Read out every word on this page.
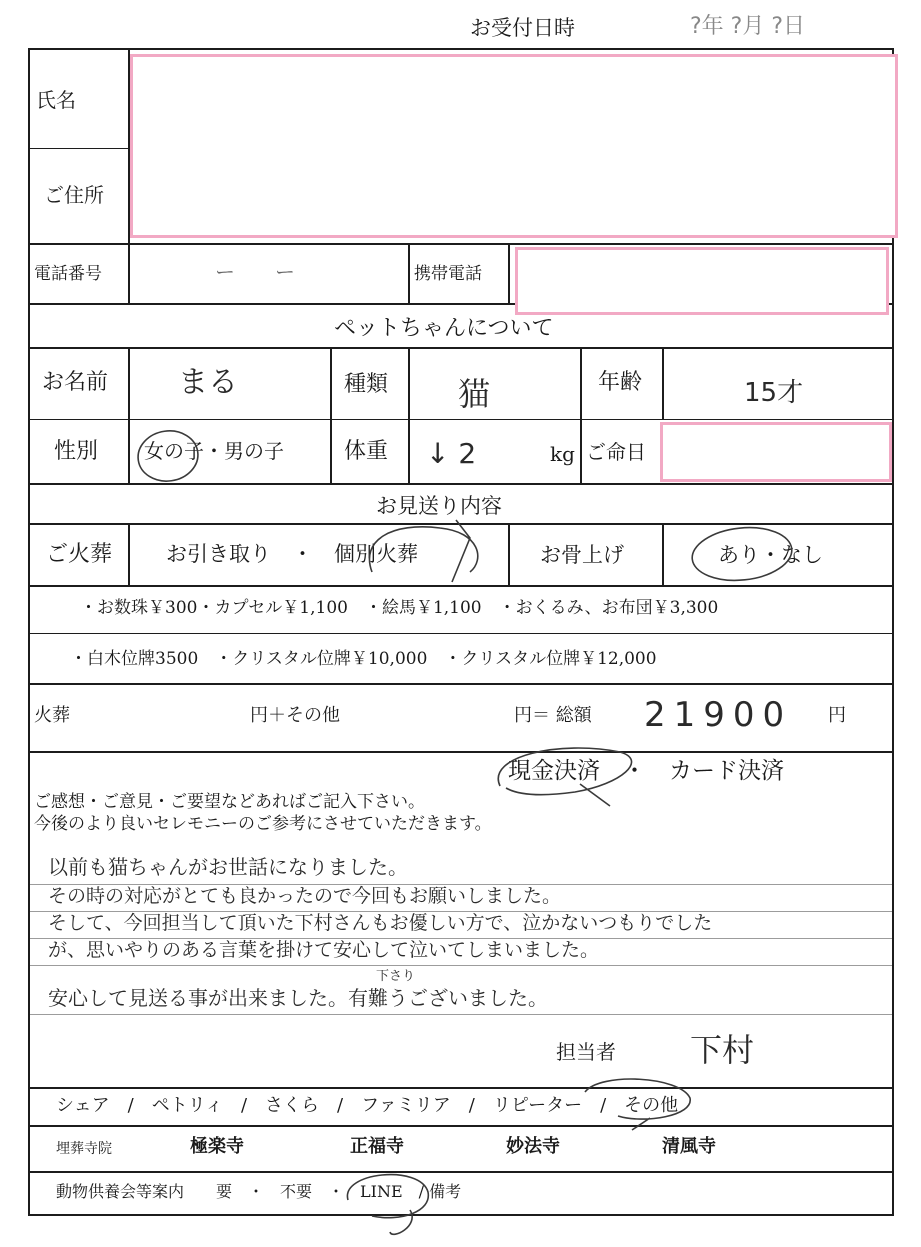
お受付日時	?年 ?月 ?日
氏名
ご住所
電話番号	ー　　ー	携帯電話
ペットちゃんについて
お名前 まる	種類 猫	年齢	15才
性別 女の子・男の子	体重 ↓ 2	kg ご命日
お見送り内容
ご火葬	お引き取り　・　個別火葬	お骨上げ	あり・なし
・お数珠￥300・カプセル￥1,100　・絵馬￥1,100　・おくるみ、お布団￥3,300
・白木位牌3500　・クリスタル位牌￥10,000　・クリスタル位牌￥12,000
火葬	円＋その他	円＝ 総額 21900 円
現金決済　・　カード決済
ご感想・ご意見・ご要望などあればご記入下さい。
今後のより良いセレモニーのご参考にさせていただきます。
以前も猫ちゃんがお世話になりました。
その時の対応がとても良かったので今回もお願いしました。
そして、今回担当して頂いた下村さんもお優しい方で、泣かないつもりでした
が、思いやりのある言葉を掛けて安心して泣いてしまいました。
下さり
安心して見送る事が出来ました。有難うございました。
担当者 下村
シェア　/　ペトリィ　/　さくら　/　ファミリア　/　リピーター　/　その他
埋葬寺院	極楽寺	正福寺	妙法寺	清風寺
動物供養会等案内　　要　・　不要　・　LINE　/ 備考
